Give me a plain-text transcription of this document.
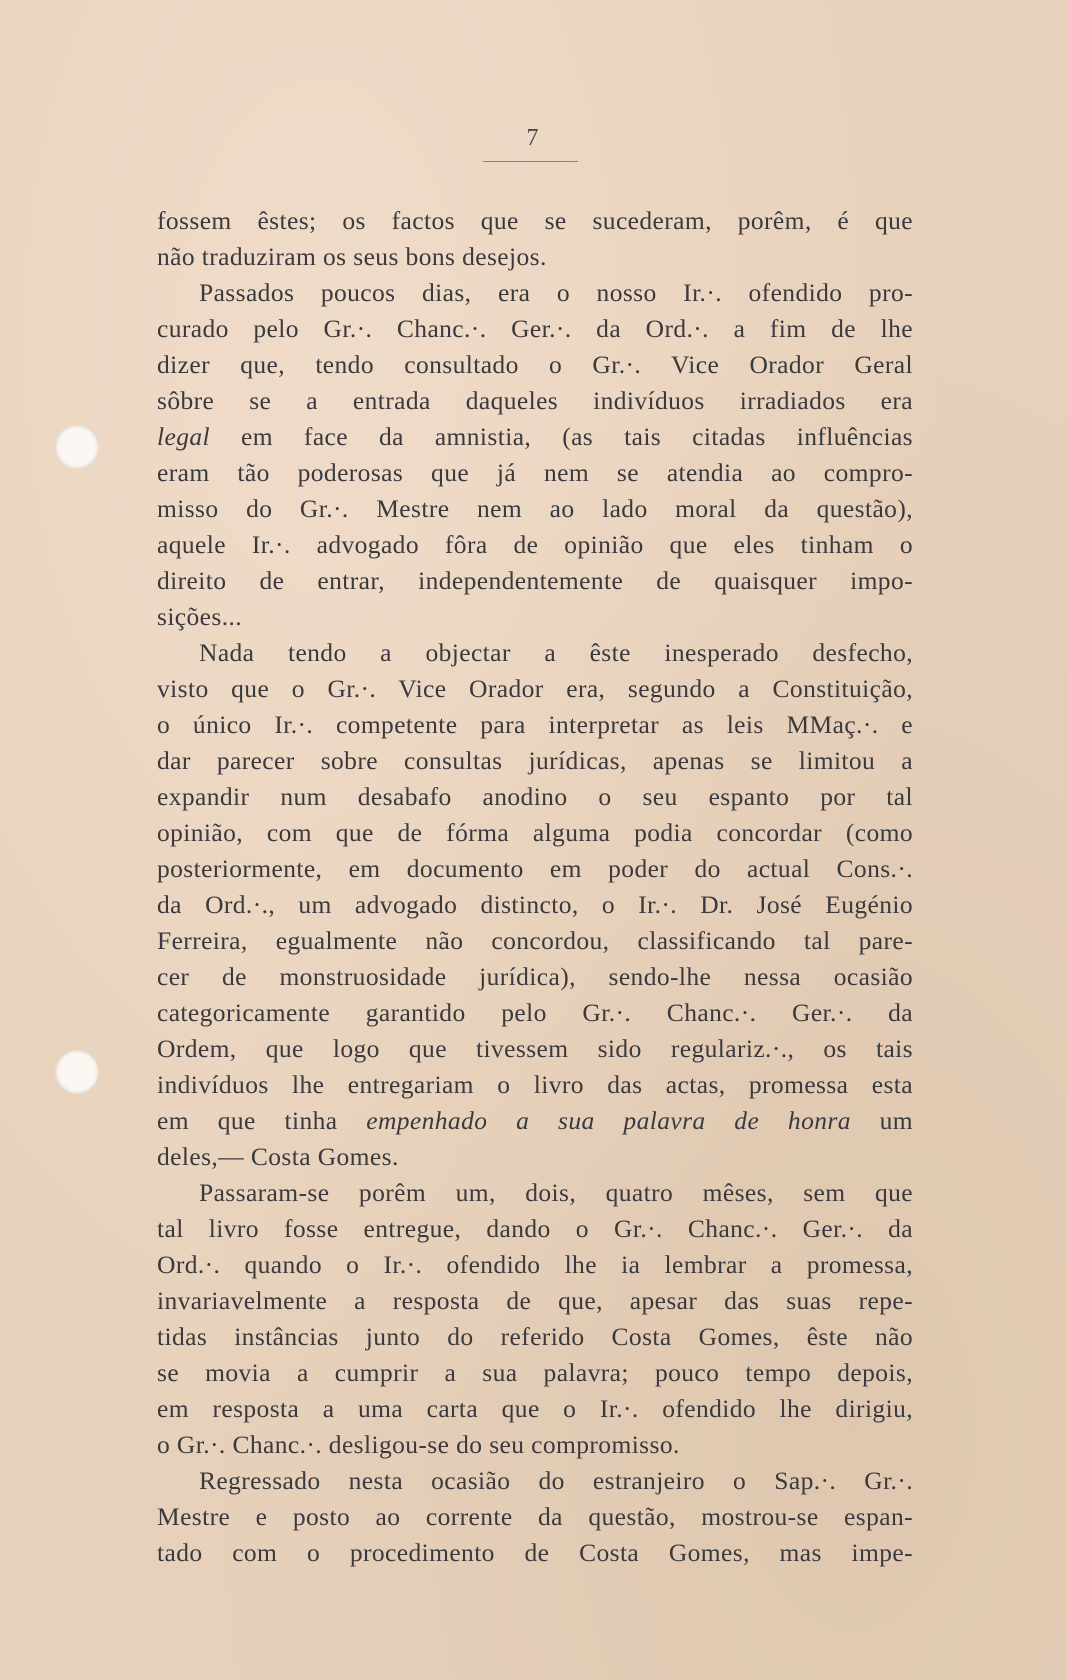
7
fossem êstes; os factos que se sucederam, porêm, é que
não traduziram os seus bons desejos.
Passados poucos dias, era o nosso Ir.·. ofendido pro-
curado pelo Gr.·. Chanc.·. Ger.·. da Ord.·. a fim de lhe
dizer que, tendo consultado o Gr.·. Vice Orador Geral
sôbre se a entrada daqueles indivíduos irradiados era
legal em face da amnistia, (as tais citadas influências
eram tão poderosas que já nem se atendia ao compro-
misso do Gr.·. Mestre nem ao lado moral da questão),
aquele Ir.·. advogado fôra de opinião que eles tinham o
direito de entrar, independentemente de quaisquer impo-
sições...
Nada tendo a objectar a êste inesperado desfecho,
visto que o Gr.·. Vice Orador era, segundo a Constituição,
o único Ir.·. competente para interpretar as leis MMaç.·. e
dar parecer sobre consultas jurídicas, apenas se limitou a
expandir num desabafo anodino o seu espanto por tal
opinião, com que de fórma alguma podia concordar (como
posteriormente, em documento em poder do actual Cons.·.
da Ord.·., um advogado distincto, o Ir.·. Dr. José Eugénio
Ferreira, egualmente não concordou, classificando tal pare-
cer de monstruosidade jurídica), sendo-lhe nessa ocasião
categoricamente garantido pelo Gr.·. Chanc.·. Ger.·. da
Ordem, que logo que tivessem sido regulariz.·., os tais
indivíduos lhe entregariam o livro das actas, promessa esta
em que tinha empenhado a sua palavra de honra um
deles,— Costa Gomes.
Passaram-se porêm um, dois, quatro mêses, sem que
tal livro fosse entregue, dando o Gr.·. Chanc.·. Ger.·. da
Ord.·. quando o Ir.·. ofendido lhe ia lembrar a promessa,
invariavelmente a resposta de que, apesar das suas repe-
tidas instâncias junto do referido Costa Gomes, êste não
se movia a cumprir a sua palavra; pouco tempo depois,
em resposta a uma carta que o Ir.·. ofendido lhe dirigiu,
o Gr.·. Chanc.·. desligou-se do seu compromisso.
Regressado nesta ocasião do estranjeiro o Sap.·. Gr.·.
Mestre e posto ao corrente da questão, mostrou-se espan-
tado com o procedimento de Costa Gomes, mas impe-
